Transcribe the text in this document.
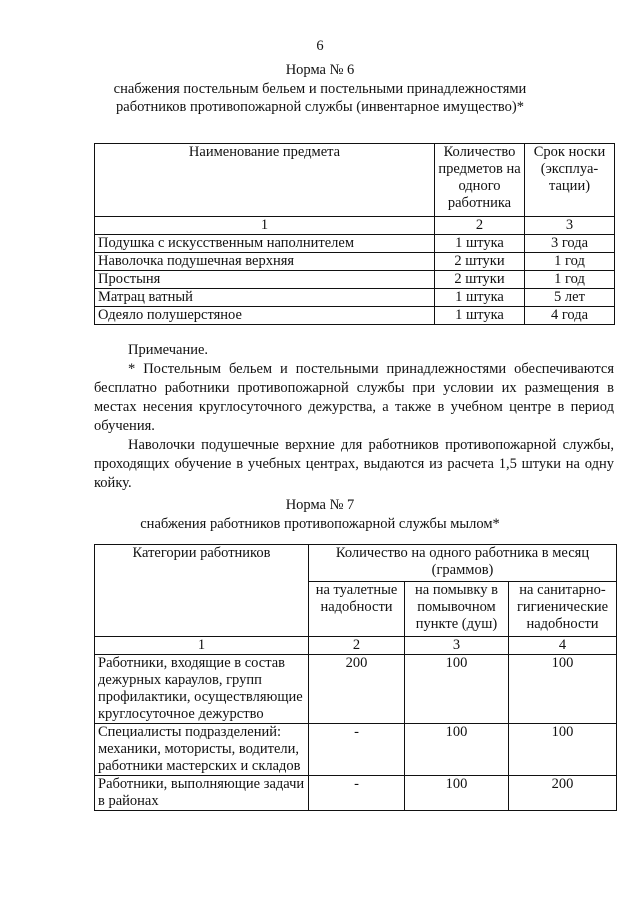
6
Норма № 6
снабжения постельным бельем и постельными принадлежностями
работников противопожарной службы (инвентарное имущество)*
Наименование предмета	Количество предметов на одного работника	Срок носки (эксплуа-тации)
1	2	3
Подушка с искусственным наполнителем	1 штука	3 года
Наволочка подушечная верхняя	2 штуки	1 год
Простыня	2 штуки	1 год
Матрац ватный	1 штука	5 лет
Одеяло полушерстяное	1 штука	4 года

Примечание.

* Постельным бельем и постельными принадлежностями обеспечиваются бесплатно работники противопожарной службы при условии их размещения в местах несения круглосуточного дежурства, а также в учебном центре в период обучения.

Наволочки подушечные верхние для работников противопожарной службы, проходящих обучение в учебных центрах, выдаются из расчета 1,5 штуки на одну койку.

Норма № 7
снабжения работников противопожарной службы мылом*
Категории работников	Количество на одного работника в месяц (граммов)		
	на туалетные надобности	на помывку в помывочном пункте (душ)	на санитарно-гигиенические надобности
1	2	3	4
Работники, входящие в состав дежурных караулов, групп профилактики, осуществляющие круглосуточное дежурство	200	100	100
Специалисты подразделений: механики, мотористы, водители, работники мастерских и складов	-	100	100
Работники, выполняющие задачи в районах	-	100	200
